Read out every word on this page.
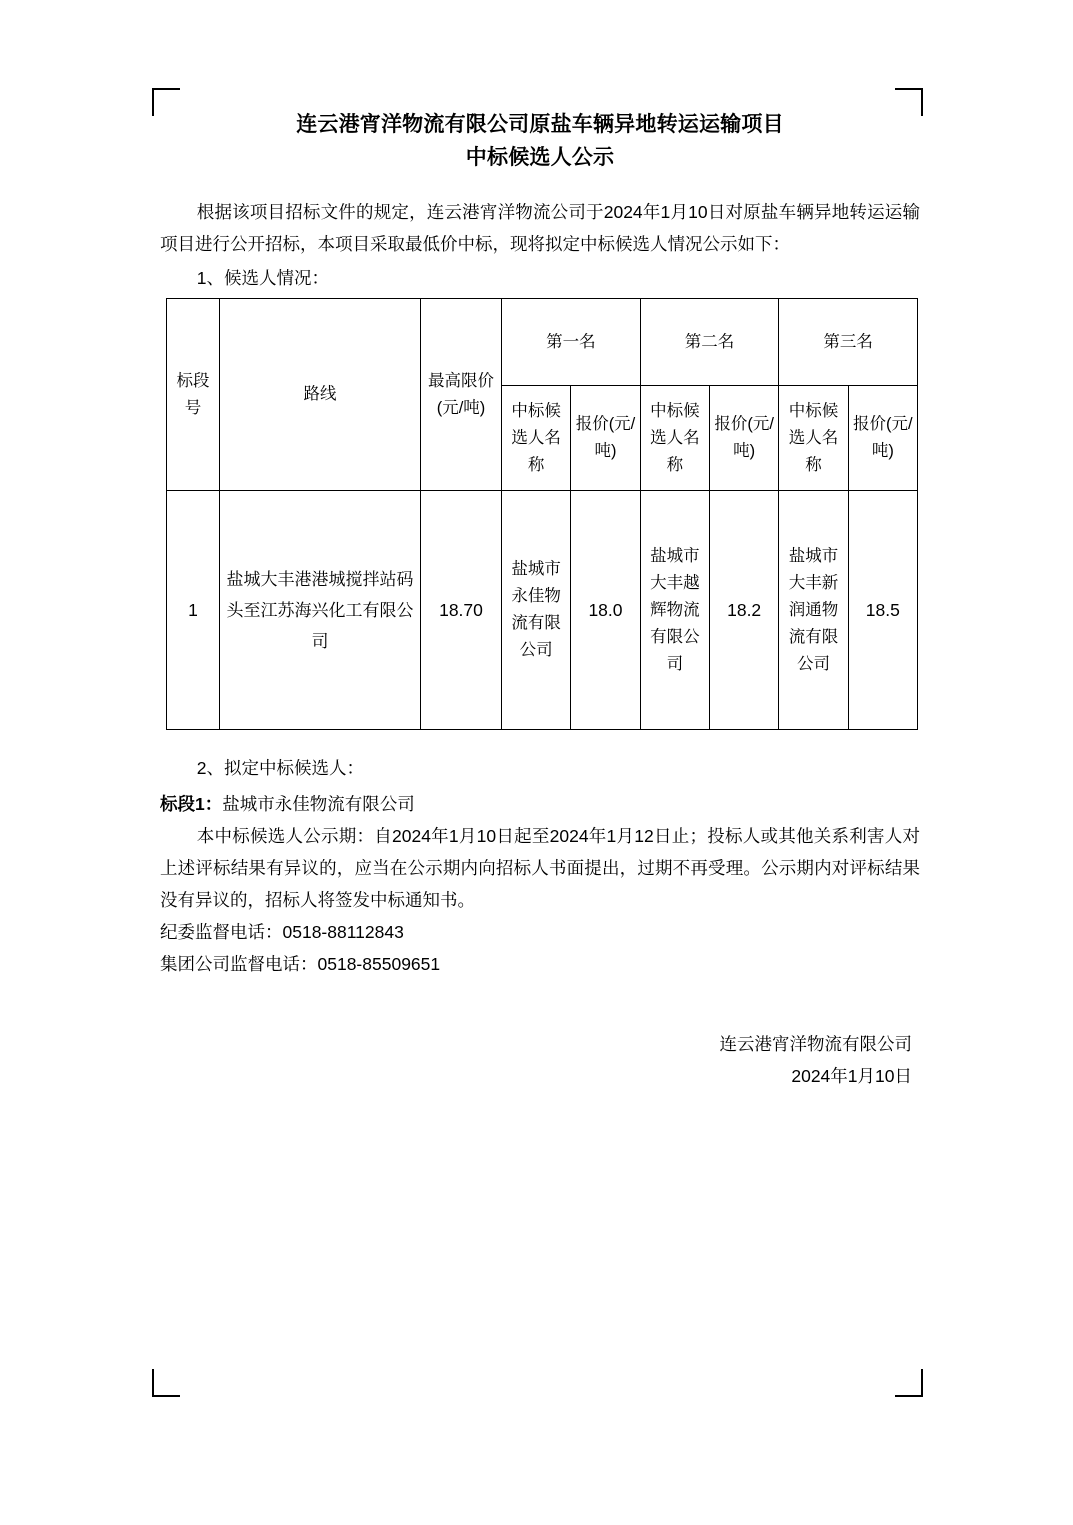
连云港宵洋物流有限公司原盐车辆异地转运运输项目
中标候选人公示

根据该项目招标文件的规定，连云港宵洋物流公司于2024年1月10日对原盐车辆异地转运运输项目进行公开招标，本项目采取最低价中标，现将拟定中标候选人情况公示如下：

1、候选人情况：
标段号	路线	最高限价(元/吨)	第一名		第二名		第三名	
			中标候选人名称	报价(元/吨)	中标候选人名称	报价(元/吨)	中标候选人名称	报价(元/吨)
1	盐城大丰港港城搅拌站码头至江苏海兴化工有限公司	18.70	盐城市永佳物流有限公司	18.0	盐城市大丰越辉物流有限公司	18.2	盐城市大丰新润通物流有限公司	18.5
2、拟定中标候选人：

标段1：盐城市永佳物流有限公司

本中标候选人公示期：自2024年1月10日起至2024年1月12日止；投标人或其他关系利害人对上述评标结果有异议的，应当在公示期内向招标人书面提出，过期不再受理。公示期内对评标结果没有异议的，招标人将签发中标通知书。

纪委监督电话：0518-88112843

集团公司监督电话：0518-85509651

连云港宵洋物流有限公司
2024年1月10日
